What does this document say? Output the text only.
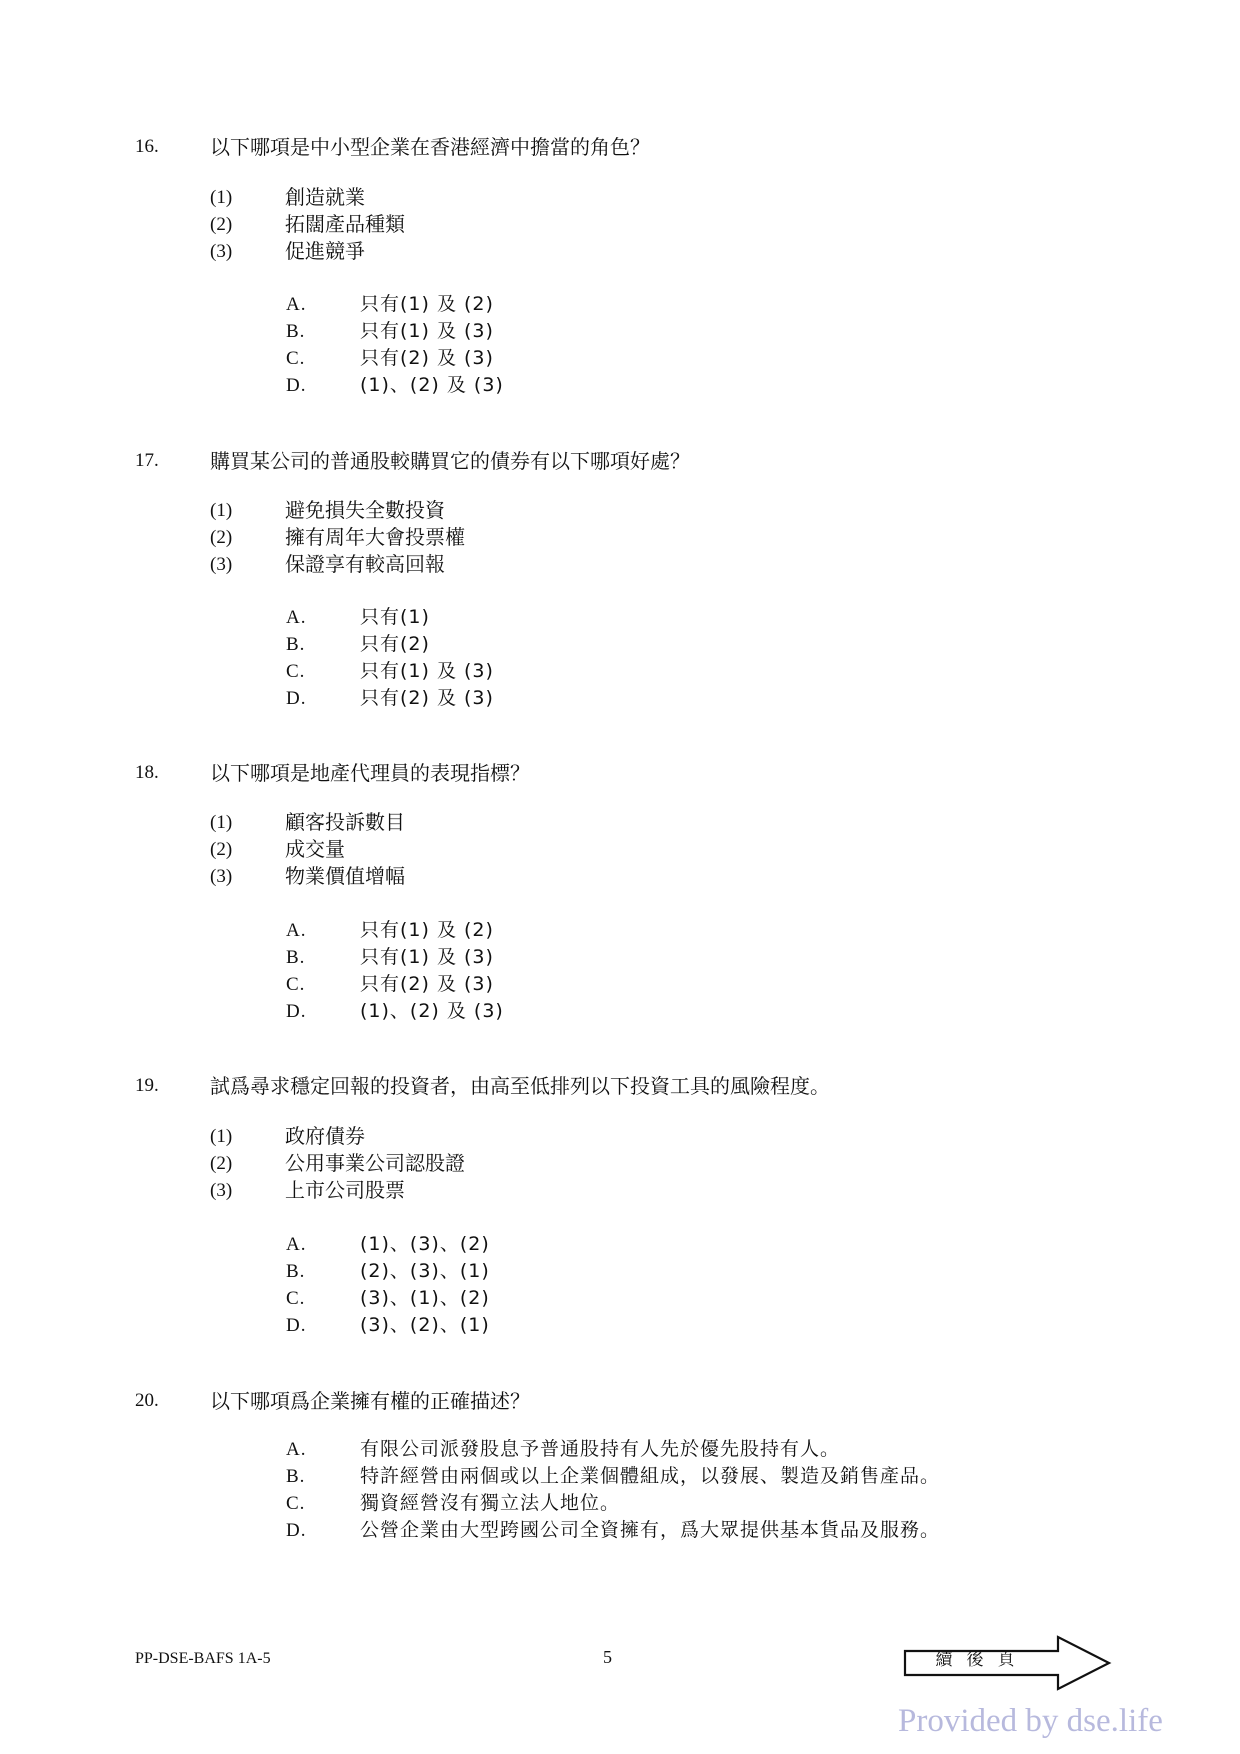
16.	以下哪項是中小型企業在香港經濟中擔當的角色？
(1)	創造就業
(2)	拓闊產品種類
(3)	促進競爭
A.	只有(1) 及 (2)
B.	只有(1) 及 (3)
C.	只有(2) 及 (3)
D.	(1)、(2) 及 (3)
17.	購買某公司的普通股較購買它的債券有以下哪項好處？
(1)	避免損失全數投資
(2)	擁有周年大會投票權
(3)	保證享有較高回報
A.	只有(1)
B.	只有(2)
C.	只有(1) 及 (3)
D.	只有(2) 及 (3)
18.	以下哪項是地產代理員的表現指標？
(1)	顧客投訴數目
(2)	成交量
(3)	物業價值增幅
A.	只有(1) 及 (2)
B.	只有(1) 及 (3)
C.	只有(2) 及 (3)
D.	(1)、(2) 及 (3)
19.	試爲尋求穩定回報的投資者，由高至低排列以下投資工具的風險程度。
(1)	政府債券
(2)	公用事業公司認股證
(3)	上市公司股票
A.	(1)、(3)、(2)
B.	(2)、(3)、(1)
C.	(3)、(1)、(2)
D.	(3)、(2)、(1)
20.	以下哪項爲企業擁有權的正確描述？
A.	有限公司派發股息予普通股持有人先於優先股持有人。
B.	特許經營由兩個或以上企業個體組成，以發展、製造及銷售產品。
C.	獨資經營沒有獨立法人地位。
D.	公營企業由大型跨國公司全資擁有，爲大眾提供基本貨品及服務。
PP-DSE-BAFS 1A-5	5	續後頁
Provided by dse.life
